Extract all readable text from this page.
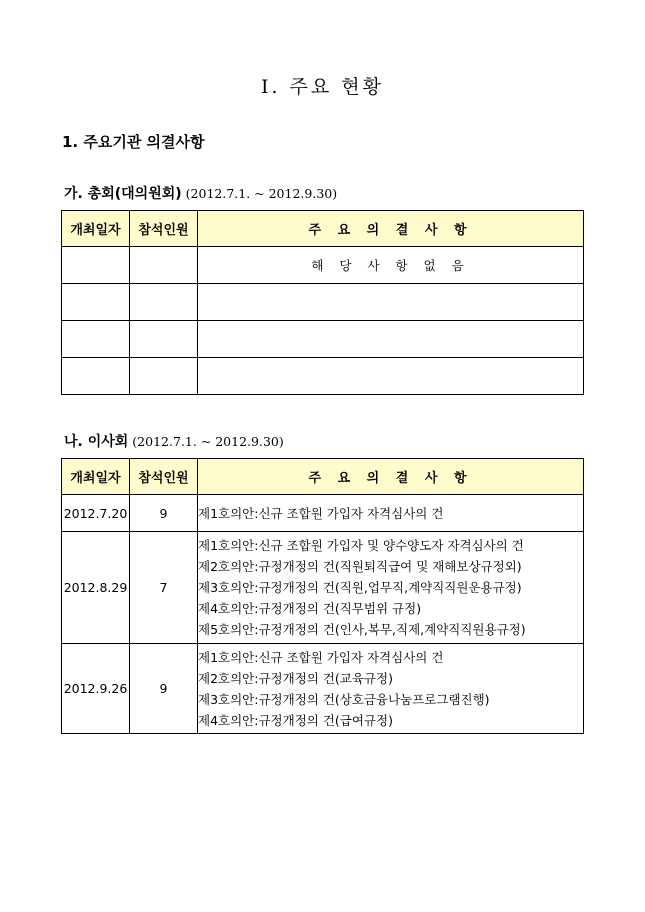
Ⅰ. 주요 현황
1. 주요기관 의결사항
가. 총회(대의원회) (2012.7.1. ~ 2012.9.30)
개최일자	참석인원	주 요 의 결 사 항
		해 당 사 항 없 음

나. 이사회 (2012.7.1. ~ 2012.9.30)
개최일자	참석인원	주 요 의 결 사 항
2012.7.20	9	제1호의안:신규 조합원 가입자 자격심사의 건

2012.8.29	7	제1호의안:신규 조합원 가입자 및 양수양도자 자격심사의 건
제2호의안:규정개정의 건(직원퇴직급여 및 재해보상규정외)
제3호의안:규정개정의 건(직원,업무직,계약직직원운용규정)
제4호의안:규정개정의 건(직무범위 규정)
제5호의안:규정개정의 건(인사,복무,직제,계약직직원용규정)

2012.9.26	9	제1호의안:신규 조합원 가입자 자격심사의 건
제2호의안:규정개정의 건(교육규정)
제3호의안:규정개정의 건(상호금융나눔프로그램진행)
제4호의안:규정개정의 건(급여규정)
